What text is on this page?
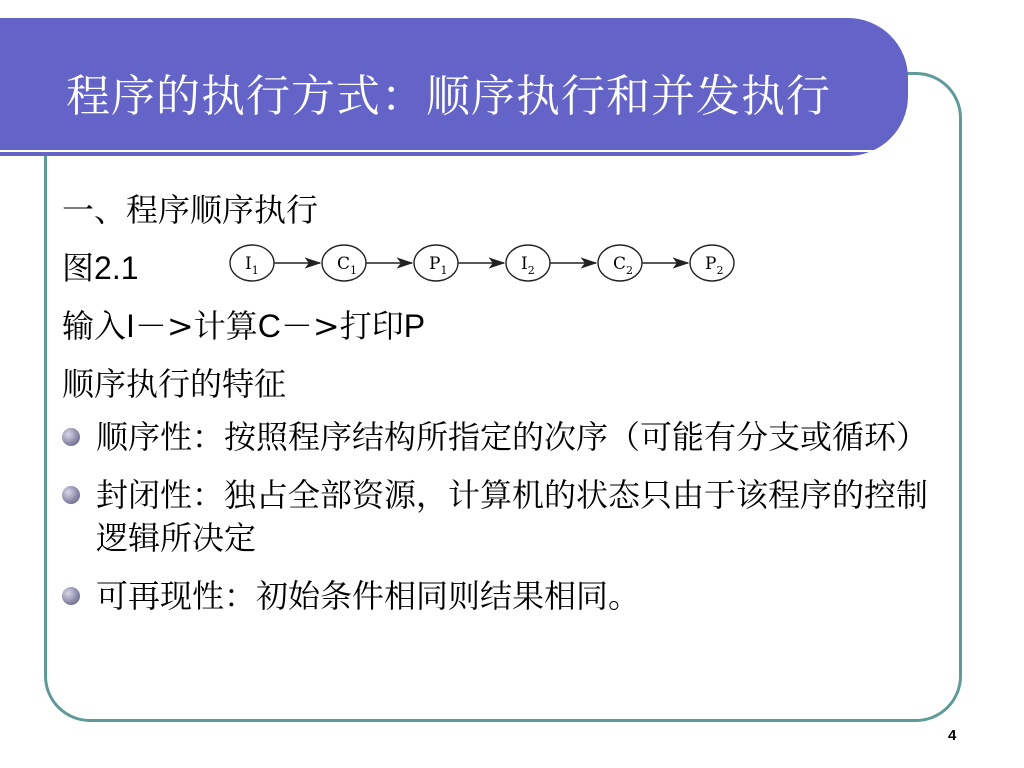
程序的执行方式：顺序执行和并发执行
一、程序顺序执行
图2.1
输入I－>计算C－>打印P
顺序执行的特征
顺序性：按照程序结构所指定的次序（可能有分支或循环）
封闭性：独占全部资源，计算机的状态只由于该程序的控制逻辑所决定
可再现性：初始条件相同则结果相同。
$I_1$	$C_1$	$P_1$	$I_2$	$C_2$	$P_2$
4
